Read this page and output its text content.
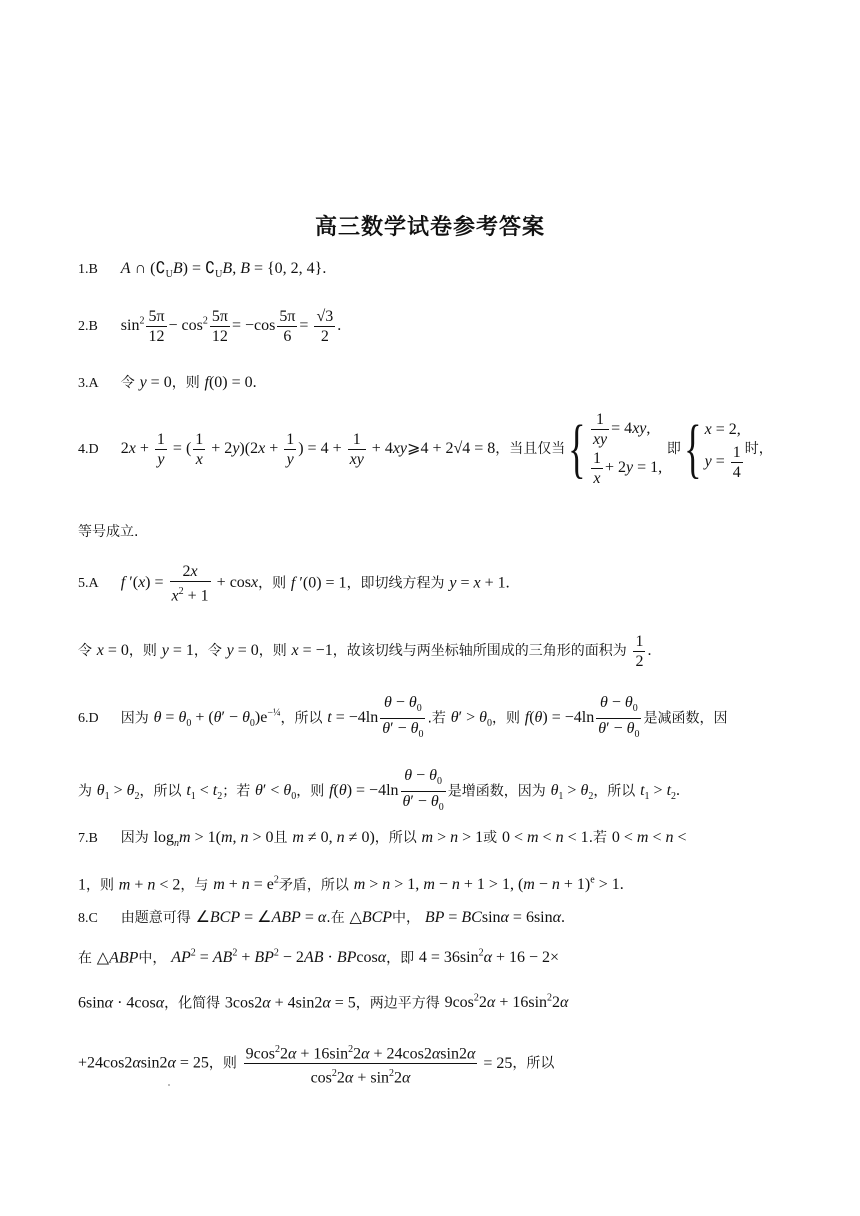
高三数学试卷参考答案
1.B A ∩ $(∁_UB)$ = $∁_UB$, B = {0, 2, 4}.
2.B $\sin^2 \frac{5\pi}{12} - \cos^2 \frac{5\pi}{12} = -\cos \frac{5\pi}{6} = \frac{√3}{2}$ .
3.A 令 y = 0，则 f(0) = 0.
4.D $2x + \frac{1}{y}$ = ( $\frac{1}{x} + 2y)(2x + \frac{1}{y}$ ) = $4 + \frac{1}{xy}$ + 4xy⩾4 + 2√4 = 8，当且仅当{ $\frac{1}{xy} = 4xy$,
$\frac{1}{x} + 2y = 1$,
即{ x = 2,
$y = \frac{1}{4}$ 时，
等号成立.
5.A f $'(x) = \frac{2x}{x^2 + 1} + \cos x$，则 f ′(0) = 1，即切线方程为 y = x + 1.
令 x = 0，则 y = 1，令 y = 0，则 x = −1，故该切线与两坐标轴所围成的三角形的面积为 $\frac{1}{2}$ .
6.D 因为 $\theta = \theta_0 + (\theta' - \theta_0)e^{-\frac{1}{4}}$，所以 $t = -4\ln \frac{\theta - \theta_0}{\theta' - \theta_0}$ .若 $\theta' > \theta_0$，则 $f(\theta) = -4\ln \frac{\theta - \theta_0}{\theta' - \theta_0}$ 是减函数，因
为 $\theta_1 > \theta_2$，所以 $t_1 < t_2$；若 $\theta' < \theta_0$，则 $f(\theta) = -4\ln \frac{\theta - \theta_0}{\theta' - \theta_0}$ 是增函数，因为 $\theta_1 > \theta_2$，所以 $t_1 > t_2$.
7.B 因为 $\log_nm > 1(m$, n > 0且 m ≠ 0, n ≠ 0)，所以 m > n > 1或 0 < m < n < 1.若 0 < m < n <
1，则 m + n < 2，与 $m + n = e^2$矛盾，所以 m > n > 1, m − n + 1 > 1, $(m - n + 1)^e > 1$.
8.C 由题意可得 ∠BCP = ∠ABP = α.在 △BCP中， BP = BCsinα = 6sinα.
在 △ABP中， $AP^2 = AB^2 + BP^2 - 2AB \cdot BPcos\alpha$，即 $4 = 36\sin^2\alpha + 16 - 2\times$
6sinα · 4cosα，化简得 3cos2α + 4sin2α = 5，两边平方得 $9\cos^22\alpha + 16\sin^22\alpha$
+24cos2αsin2α = 25，则 $\frac{9\cos^22\alpha + 16\sin^22\alpha + 24\cos 2\alpha\sin 2\alpha}{\cos^22\alpha + \sin^22\alpha} = 25$，所以
